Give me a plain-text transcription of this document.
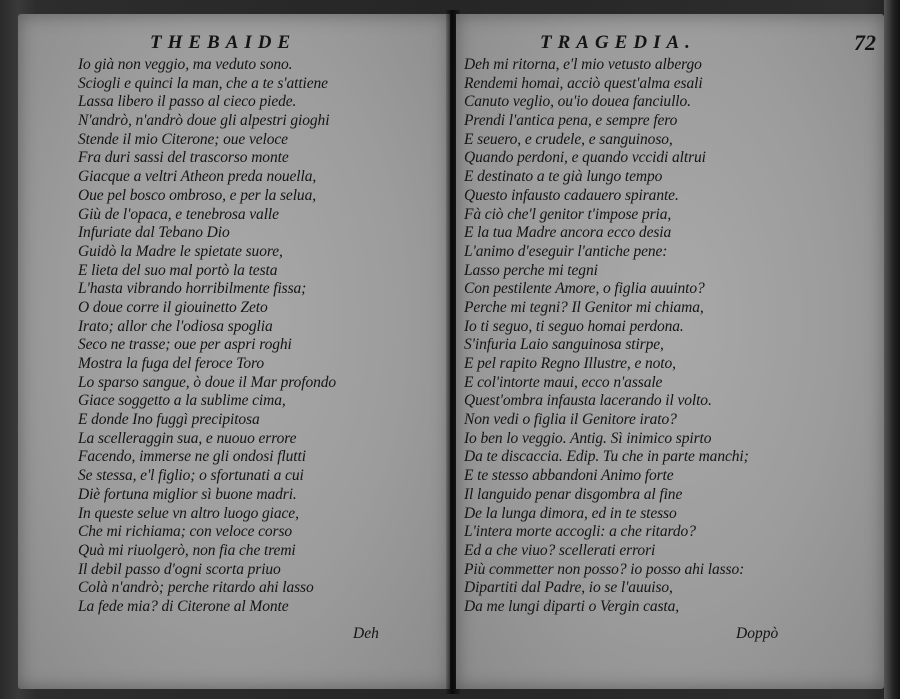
THEBAIDE
Io già non veggio, ma veduto sono.
Sciogli e quinci la man, che a te s'attiene
Lassa libero il passo al cieco piede.
N'andrò, n'andrò doue gli alpestri gioghi
Stende il mio Citerone; oue veloce
Fra duri sassi del trascorso monte
Giacque a veltri Atheon preda nouella,
Oue pel bosco ombroso, e per la selua,
Giù de l'opaca, e tenebrosa valle
Infuriate dal Tebano Dio
Guidò la Madre le spietate suore,
E lieta del suo mal portò la testa
L'hasta vibrando horribilmente fissa;
O doue corre il giouinetto Zeto
Irato; allor che l'odiosa spoglia
Seco ne trasse; oue per aspri roghi
Mostra la fuga del feroce Toro
Lo sparso sangue, ò doue il Mar profondo
Giace soggetto a la sublime cima,
E donde Ino fuggì precipitosa
La scelleraggin sua, e nuouo errore
Facendo, immerse ne gli ondosi flutti
Se stessa, e'l figlio; o sfortunati a cui
Diè fortuna miglior sì buone madri.
In queste selue vn altro luogo giace,
Che mi richiama; con veloce corso
Quà mi riuolgerò, non fia che tremi
Il debil passo d'ogni scorta priuo
Colà n'andrò; perche ritardo ahi lasso
La fede mia? di Citerone al Monte
Deh
TRAGEDIA.	72
Deh mi ritorna, e'l mio vetusto albergo
Rendemi homai, acciò quest'alma esali
Canuto veglio, ou'io douea fanciullo.
Prendi l'antica pena, e sempre fero
E seuero, e crudele, e sanguinoso,
Quando perdoni, e quando vccidi altrui
E destinato a te già lungo tempo
Questo infausto cadauero spirante.
Fà ciò che'l genitor t'impose pria,
E la tua Madre ancora ecco desia
L'animo d'eseguir l'antiche pene:
Lasso perche mi tegni
Con pestilente Amore, o figlia auuinto?
Perche mi tegni? Il Genitor mi chiama,
Io ti seguo, ti seguo homai perdona.
S'infuria Laio sanguinosa stirpe,
E pel rapito Regno Illustre, e noto,
E col'intorte maui, ecco n'assale
Quest'ombra infausta lacerando il volto.
Non vedi o figlia il Genitore irato?
Io ben lo veggio. Antig. Sì inimico spirto
Da te discaccia. Edip. Tu che in parte manchi;
E te stesso abbandoni Animo forte
Il languido penar disgombra al fine
De la lunga dimora, ed in te stesso
L'intera morte accogli: a che ritardo?
Ed a che viuo? scellerati errori
Più commetter non posso? io posso ahi lasso:
Dipartiti dal Padre, io se l'auuiso,
Da me lungi diparti o Vergin casta,
Doppò
